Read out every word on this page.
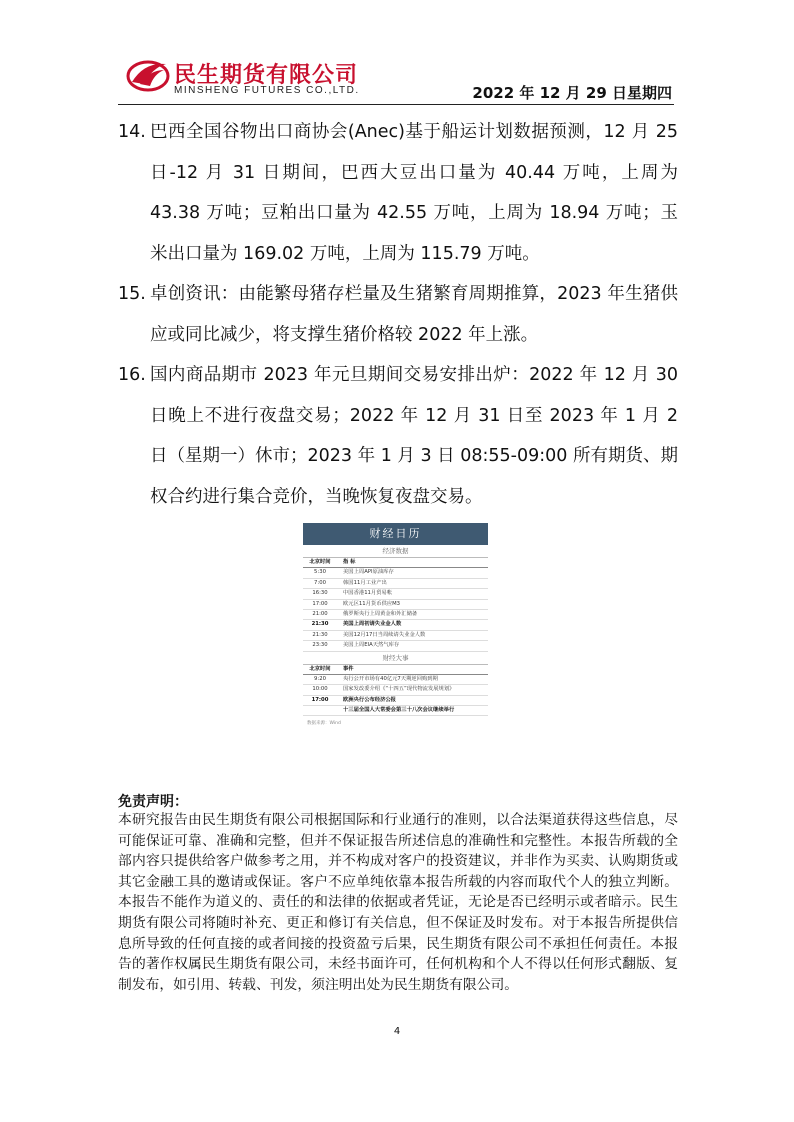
民生期货有限公司
MINSHENG FUTURES CO.,LTD.	2022 年 12 月 29 日星期四
14. 巴西全国谷物出口商协会(Anec)基于船运计划数据预测，12 月 25 日-12 月 31 日期间，巴西大豆出口量为 40.44 万吨，上周为 43.38 万吨；豆粕出口量为 42.55 万吨，上周为 18.94 万吨；玉米出口量为 169.02 万吨，上周为 115.79 万吨。
15. 卓创资讯：由能繁母猪存栏量及生猪繁育周期推算，2023 年生猪供应或同比减少，将支撑生猪价格较 2022 年上涨。
16. 国内商品期市 2023 年元旦期间交易安排出炉：2022 年 12 月 30 日晚上不进行夜盘交易；2022 年 12 月 31 日至 2023 年 1 月 2 日（星期一）休市；2023 年 1 月 3 日 08:55-09:00 所有期货、期权合约进行集合竞价，当晚恢复夜盘交易。
财经日历
经济数据
北京时间	指 标
5:30	美国上周API原油库存
7:00	韩国11月工业产出
16:30	中国香港11月贸易帐
17:00	欧元区11月货币供应M3
21:00	俄罗斯央行上周黄金和外汇储备
21:30	美国上周初请失业金人数
21:30	美国12月17日当周续请失业金人数
23:30	美国上周EIA天然气库存
财经大事
北京时间	事件
9:20	央行公开市场有40亿元7天期逆回购到期
10:00	国家发改委介绍《“十四五”现代物流发展规划》
17:00	欧洲央行公布经济公报
十三届全国人大常委会第三十八次会议继续举行
数据来源：Wind
免责声明：
本研究报告由民生期货有限公司根据国际和行业通行的准则，以合法渠道获得这些信息，尽可能保证可靠、准确和完整，但并不保证报告所述信息的准确性和完整性。本报告所载的全部内容只提供给客户做参考之用，并不构成对客户的投资建议，并非作为买卖、认购期货或其它金融工具的邀请或保证。客户不应单纯依靠本报告所载的内容而取代个人的独立判断。本报告不能作为道义的、责任的和法律的依据或者凭证，无论是否已经明示或者暗示。民生期货有限公司将随时补充、更正和修订有关信息，但不保证及时发布。对于本报告所提供信息所导致的任何直接的或者间接的投资盈亏后果，民生期货有限公司不承担任何责任。本报告的著作权属民生期货有限公司，未经书面许可，任何机构和个人不得以任何形式翻版、复制发布，如引用、转载、刊发，须注明出处为民生期货有限公司。
4
